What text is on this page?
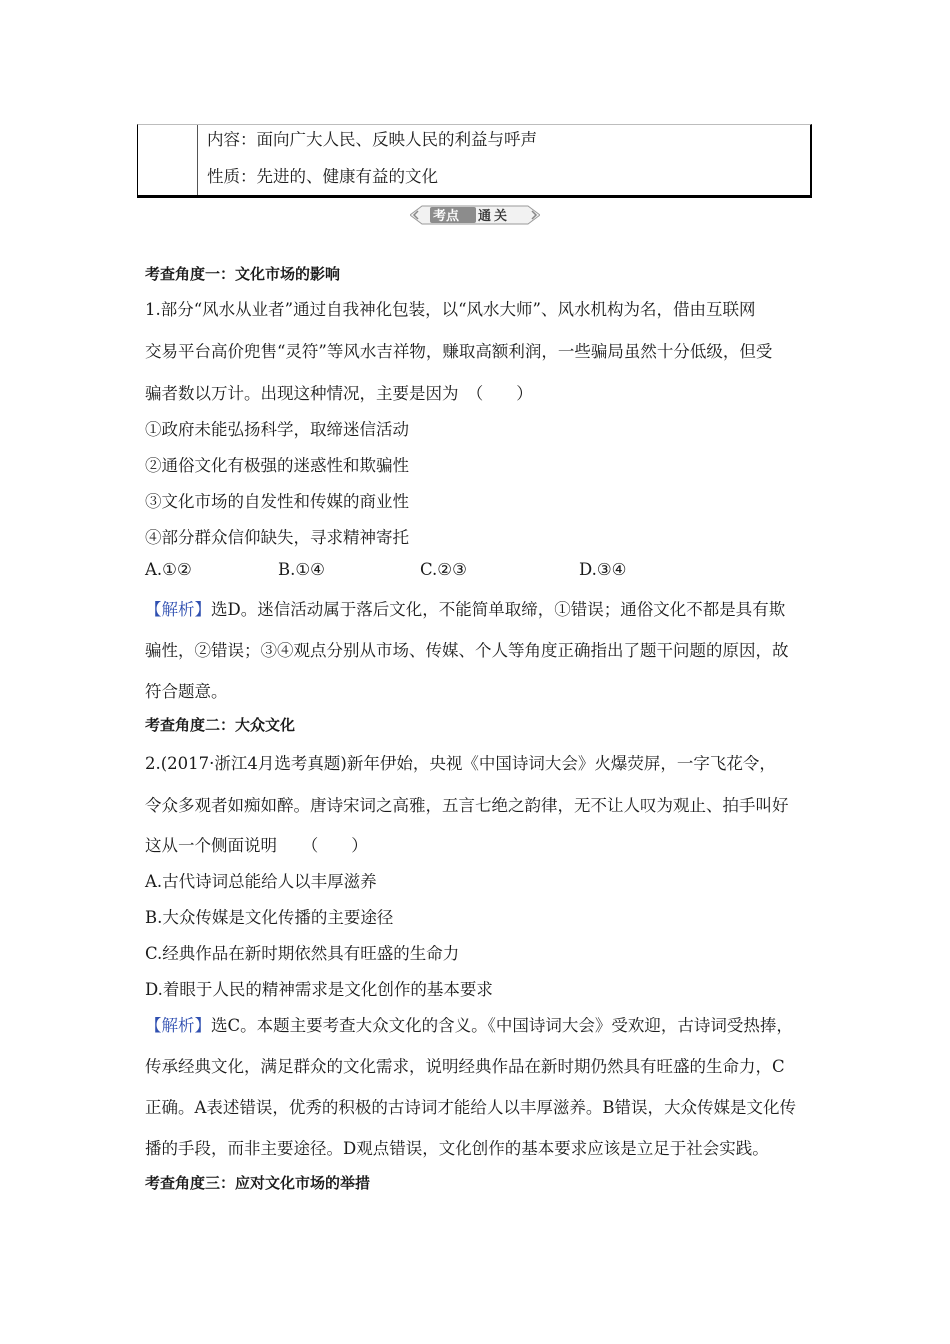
内容：面向广大人民、反映人民的利益与呼声
性质：先进的、健康有益的文化
考点 通关
考查角度一：文化市场的影响
1.部分“风水从业者”通过自我神化包装，以“风水大师”、风水机构为名，借由互联网
交易平台高价兜售“灵符”等风水吉祥物，赚取高额利润，一些骗局虽然十分低级，但受
骗者数以万计。出现这种情况，主要是因为　（　　）
①政府未能弘扬科学，取缔迷信活动
②通俗文化有极强的迷惑性和欺骗性
③文化市场的自发性和传媒的商业性
④部分群众信仰缺失，寻求精神寄托
A.①②	B.①④	C.②③	D.③④
【解析】选D。迷信活动属于落后文化，不能简单取缔，①错误；通俗文化不都是具有欺
骗性，②错误；③④观点分别从市场、传媒、个人等角度正确指出了题干问题的原因，故
符合题意。
考查角度二：大众文化
2.(2017·浙江4月选考真题)新年伊始，央视《中国诗词大会》火爆荧屏，一字飞花令，
令众多观者如痴如醉。唐诗宋词之高雅，五言七绝之韵律，无不让人叹为观止、拍手叫好
这从一个侧面说明　　（　　）
A.古代诗词总能给人以丰厚滋养
B.大众传媒是文化传播的主要途径
C.经典作品在新时期依然具有旺盛的生命力
D.着眼于人民的精神需求是文化创作的基本要求
【解析】选C。本题主要考查大众文化的含义。《中国诗词大会》受欢迎，古诗词受热捧，
传承经典文化，满足群众的文化需求，说明经典作品在新时期仍然具有旺盛的生命力，C
正确。A表述错误，优秀的积极的古诗词才能给人以丰厚滋养。B错误，大众传媒是文化传
播的手段，而非主要途径。D观点错误，文化创作的基本要求应该是立足于社会实践。
考查角度三：应对文化市场的举措
